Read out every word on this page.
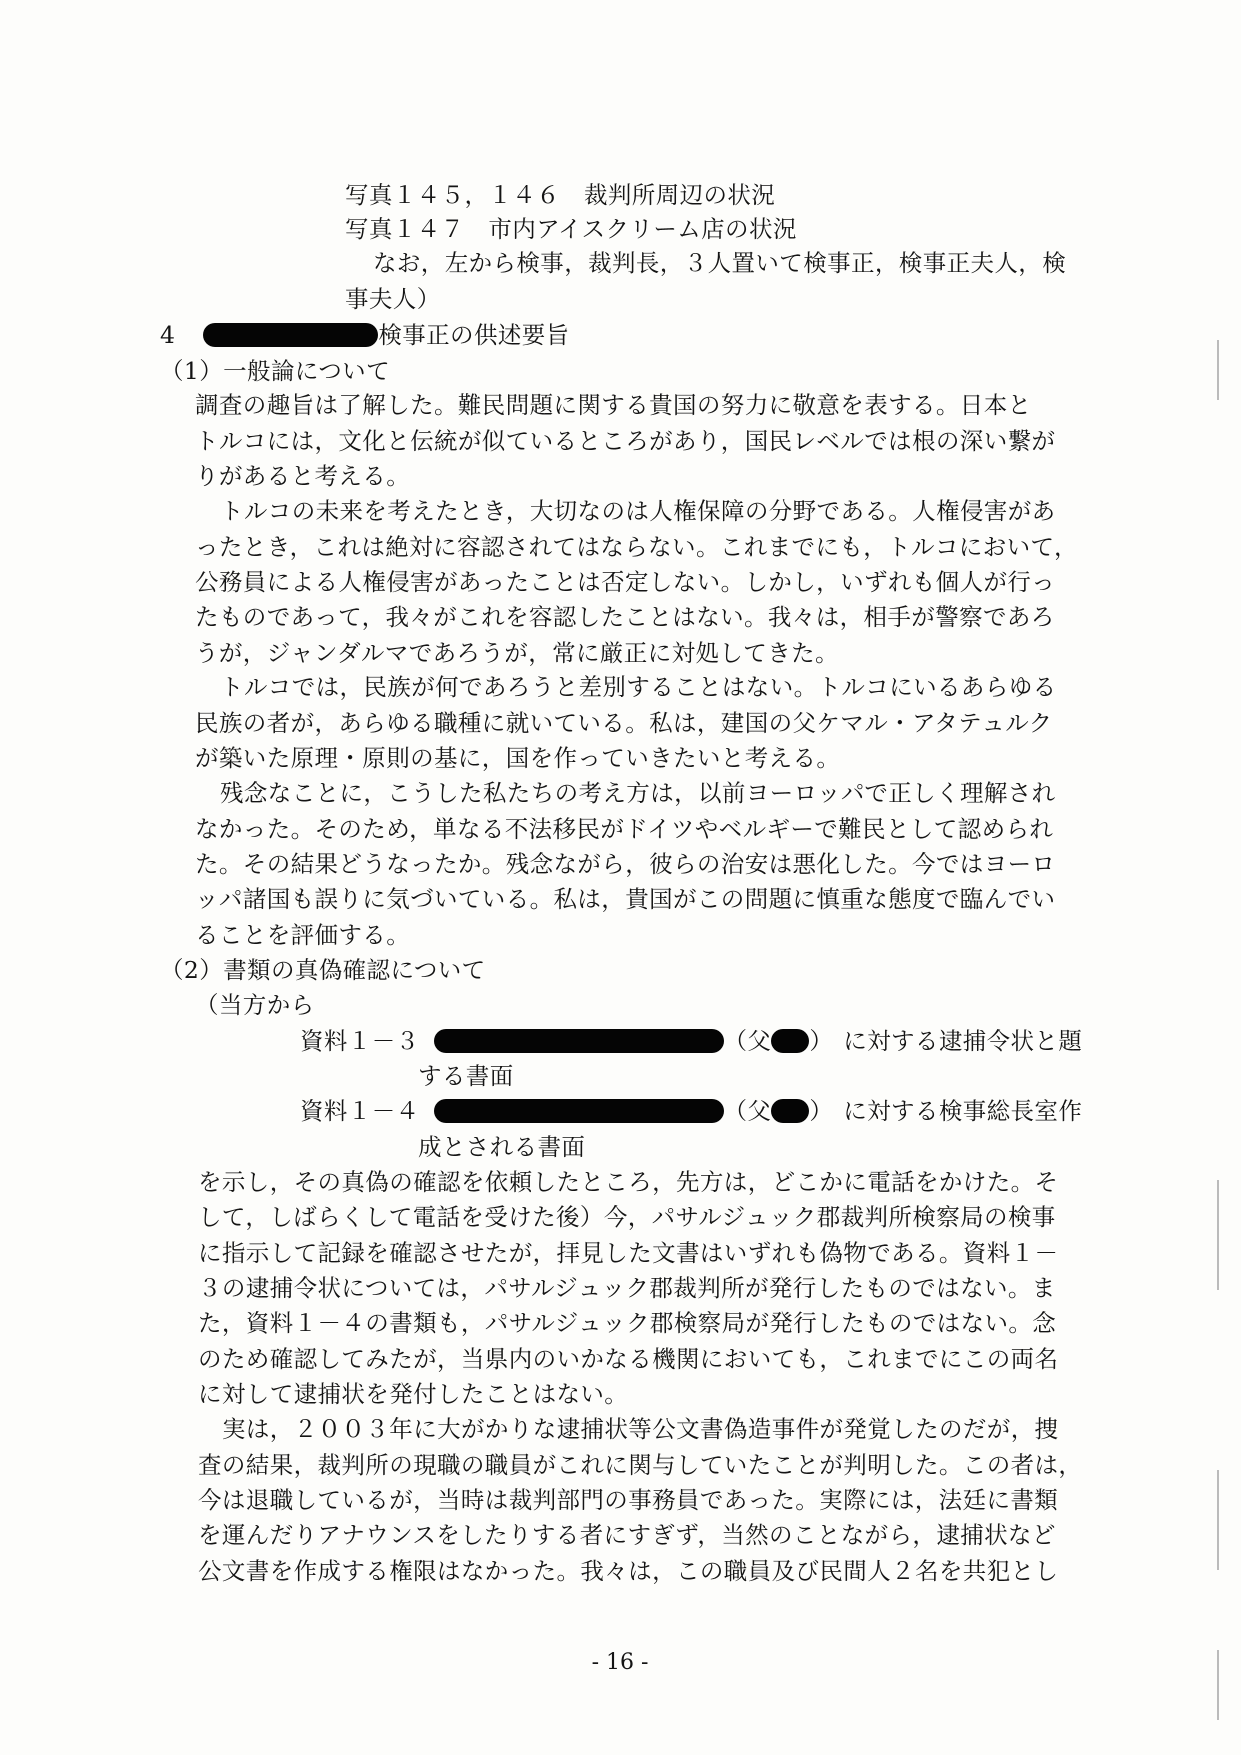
写真１４５，１４６　裁判所周辺の状況
写真１４７　市内アイスクリーム店の状況
なお，左から検事，裁判長，３人置いて検事正，検事正夫人，検
事夫人）
4	検事正の供述要旨
（1）一般論について
調査の趣旨は了解した。難民問題に関する貴国の努力に敬意を表する。日本と
トルコには，文化と伝統が似ているところがあり，国民レベルでは根の深い繋が
りがあると考える。
トルコの未来を考えたとき，大切なのは人権保障の分野である。人権侵害があ
ったとき，これは絶対に容認されてはならない。これまでにも，トルコにおいて，
公務員による人権侵害があったことは否定しない。しかし，いずれも個人が行っ
たものであって，我々がこれを容認したことはない。我々は，相手が警察であろ
うが，ジャンダルマであろうが，常に厳正に対処してきた。
トルコでは，民族が何であろうと差別することはない。トルコにいるあらゆる
民族の者が，あらゆる職種に就いている。私は，建国の父ケマル・アタテュルク
が築いた原理・原則の基に，国を作っていきたいと考える。
残念なことに，こうした私たちの考え方は，以前ヨーロッパで正しく理解され
なかった。そのため，単なる不法移民がドイツやベルギーで難民として認められ
た。その結果どうなったか。残念ながら，彼らの治安は悪化した。今ではヨーロ
ッパ諸国も誤りに気づいている。私は，貴国がこの問題に慎重な態度で臨んでい
ることを評価する。
（2）書類の真偽確認について
（当方から
資料１－３	（父 ） に対する逮捕令状と題
する書面
資料１－４	（父 ） に対する検事総長室作
成とされる書面
を示し，その真偽の確認を依頼したところ，先方は，どこかに電話をかけた。そ
して，しばらくして電話を受けた後）今，パサルジュック郡裁判所検察局の検事
に指示して記録を確認させたが，拝見した文書はいずれも偽物である。資料１－
３の逮捕令状については，パサルジュック郡裁判所が発行したものではない。ま
た，資料１－４の書類も，パサルジュック郡検察局が発行したものではない。念
のため確認してみたが，当県内のいかなる機関においても，これまでにこの両名
に対して逮捕状を発付したことはない。
実は，２００３年に大がかりな逮捕状等公文書偽造事件が発覚したのだが，捜
査の結果，裁判所の現職の職員がこれに関与していたことが判明した。この者は，
今は退職しているが，当時は裁判部門の事務員であった。実際には，法廷に書類
を運んだりアナウンスをしたりする者にすぎず，当然のことながら，逮捕状など
公文書を作成する権限はなかった。我々は，この職員及び民間人２名を共犯とし
- 16 -
